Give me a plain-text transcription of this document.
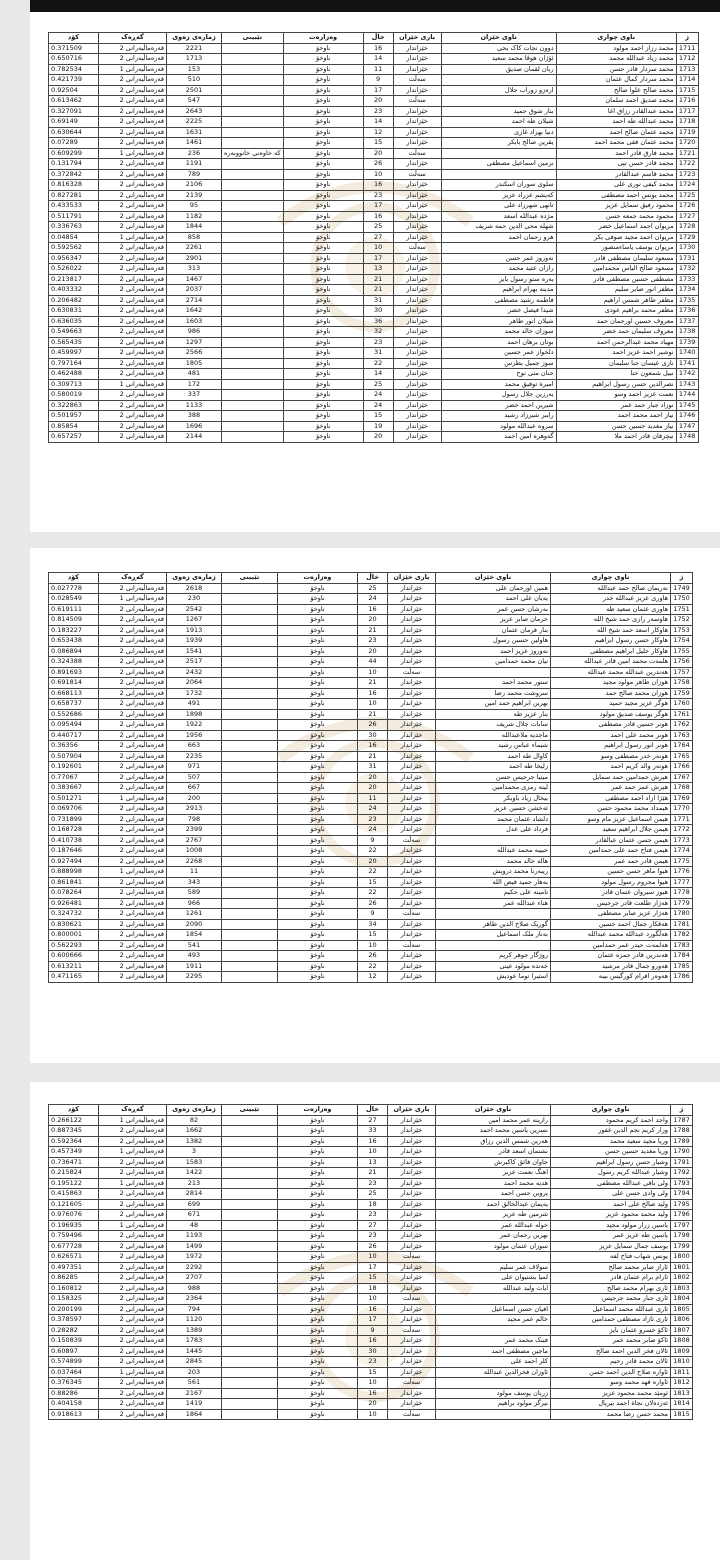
ژ	ناوی چواری	ناوی خێزان	باری خێزان	خاڵ	وەزارەت	تێبینی	ژمارەی زەوی	گەڕەک	کۆد
1711	محمد رزاز احمد مولود	دوون نجات کاک یحی	خێزاندار	16	ناوخۆ		2221	قەرەماڵیەرانی 2	0.371509
1712	محمد زیاد عبدالله محمد	ئۆژان هوڤا محمد سعید	خێزاندار	14	ناوخۆ		1713	قەرەماڵیەرانی 2	0.650716
1713	محمد سردار قادر حسن	ربان لقمان صدیق	خێزاندار	11	ناوخۆ		153	قەرەماڵیەرانی 1	0.782534
1714	محمد سردار کمال عثمان		سەڵت	9	ناوخۆ		510	قەرەماڵیەرانی 2	0.421739
1715	محمد صالح علوا صالح	ارەزو زوراب جلال	خێزاندار	17	ناوخۆ		2501	قەرەماڵیەرانی 2	0.92504
1716	محمد صدیق احمد سلمان		سەڵت	20	ناوخۆ		547	قەرەماڵیەرانی 2	0.613462
1717	محمد عبدالقادر رزاق اغا	بنار شوق حمید	خێزاندار	23	ناوخۆ		2643	قەرەماڵیەرانی 2	0.327091
1718	محمد عبدالله طه احمد	شیلان طه احمد	خێزاندار	14	ناوخۆ		2225	قەرەماڵیەرانی 2	0.69149
1719	محمد عثمان صالح احمد	دنیا بهزاد غازی	خێزاندار	12	ناوخۆ		1631	قەرەماڵیەرانی 2	0.630644
1720	محمد عثمان فقی محمد احمد	یقرین صالح بابکر	خێزاندار	15	ناوخۆ		1461	قەرەماڵیەرانی 2	0.07289
1721	محمد فارق قادر احمد		سەڵت	20	ناوخۆ	کە خاوەنی خانووبەرە	236	قەرەماڵیەرانی 1	0.609299
1722	محمد قادر حسن تپی	نرمین اسماعیل مصطفی	خێزاندار	26	ناوخۆ		1191	قەرەماڵیەرانی 2	0.131794
1723	محمد قاسم عبدالقادر		سەڵت	10	ناوخۆ		789	قەرەماڵیەرانی 2	0.372842
1724	محمد کیفی نوری علی	سلوی سوران اسکندر	خێزاندار	16	ناوخۆ		2106	قەرەماڵیەرانی 2	0.816328
1725	محمد یونس احمد مصطفی	کەیشم عزراد عزیز	خێزاندار	23	ناوخۆ		2139	قەرەماڵیەرانی 2	0.827281
1726	محمود رفیق سمایل عزیز	تانهی شهرزاد علی	خێزاندار	17	ناوخۆ		95	قەرەماڵیەرانی 2	0.433533
1727	محمود محمد جمعه حسن	مژده عبدالله اسعد	خێزاندار	16	ناوخۆ		1182	قەرەماڵیەرانی 2	0.511791
1728	مریوان احمد اسماعیل خضر	شهله محی الدین حمه شریف	خێزاندار	25	ناوخۆ		1844	قەرەماڵیەرانی 2	0.336763
1729	مریوان احمد مجید صوفی بکر	هرو رحمان احمد	خێزاندار	27	ناوخۆ		858	قەرەماڵیەرانی 1	0.04854
1730	مریوان یوسف یاساءمنصور		سەڵت	10	ناوخۆ		2261	قەرەماڵیەرانی 2	0.592562
1731	مسعود سلیمان مصطفی قادر	نەوروز عمر حسن	خێزاندار	17	ناوخۆ		2901	قەرەماڵیەرانی 2	0.956347
1732	مسعود صالح الیاس محمدامین	رازان عثید محمد	خێزاندار	13	ناوخۆ		313	قەرەماڵیەرانی 2	0.526022
1733	مصطفی حسین مصطفی قادر	یەرە ستو رسول بایز	خێزاندار	21	ناوخۆ		1467	قەرەماڵیەرانی 2	0.213817
1734	مظفر انور صابر سلیم	مدینه بهرام ابراهیم	خێزاندار	21	ناوخۆ		2037	قەرەماڵیەرانی 2	0.403332
1735	مظفر طاهر شمس اراهیم	فاطمه رشید مصطفی	خێزاندار	31	ناوخۆ		2714	قەرەماڵیەرانی 2	0.206482
1736	مظفر محمد براهیم عودی	شیدا فیصل خضر	خێزاندار	30	ناوخۆ		1642	قەرەماڵیەرانی 2	0.630831
1737	معروف حسین اورحمان حمد	شیلان انور طاهر	خێزاندار	36	ناوخۆ		1603	قەرەماڵیەرانی 2	0.636035
1738	معروف سلیمان حمد خضر	سوزان خالد محمد	خێزاندار	32	ناوخۆ		986	قەرەماڵیەرانی 2	0.549663
1739	مهیاد محمد عبدالرحمن احمد	بوتان برهان احمد	خێزاندار	23	ناوخۆ		1297	قەرەماڵیەرانی 2	0.565435
1740	نوشیر احمد عزیز احمد	دلخواز عمر حسین	خێزاندار	31	ناوخۆ		2566	قەرەماڵیەرانی 2	0.459997
1741	نازی عیسان حنا سلیمان	سوز جمیل بطرس	خێزاندار	22	ناوخۆ		1805	قەرەماڵیەرانی 2	0.797164
1742	نبیل شمعون حنا	حنان متی نوح	خێزاندار	14	ناوخۆ		481	قەرەماڵیەرانی 2	0.462488
1743	نصرالدین حسن رسول ابراهیم	امیرة توفیق محمد	خێزاندار	25	ناوخۆ		172	قەرەماڵیەرانی 1	0.309713
1744	نعمت عزیز احمد وسو	یەرزین جلال رسول	خێزاندار	24	ناوخۆ		337	قەرەماڵیەرانی 2	0.580019
1745	نوزاد جبار حمد عمر	شیرین احمد خضر	خێزاندار	24	ناوخۆ		1133	قەرەماڵیەرانی 2	0.322863
1746	نیاز احمد محمد احمد	رایبر شیرزاد رشید	خێزاندار	15	ناوخۆ		388	قەرەماڵیەرانی 2	0.501957
1747	نیاز مغدید حسین حسن	سروه عبدالله مولود	خێزاندار	19	ناوخۆ		1696	قەرەماڵیەرانی 2	0.85854
1748	نیچرقان قادر احمد ملا	گەوهرە امین احمد	خێزاندار	20	ناوخۆ		2144	قەرەماڵیەرانی 2	0.657257
ژ	ناوی چواری	ناوی خێزان	باری خێزان	خاڵ	وەزارەت	تێبینی	ژمارەی زەوی	گەڕەک	کۆد
1749	نەریمان صالح حمد عبدالله	همین اورحمان علی	خێزاندار	25	ناوخۆ		2618	قەرەماڵیەرانی 2	0.027778
1750	هاوری عزیز عبدالله خدر	یەیان علی احمد	خێزاندار	24	ناوخۆ		230	قەرەماڵیەرانی 1	0.028549
1751	هاوری عثمان سعید طه	بەرشان حسن عمر	خێزاندار	16	ناوخۆ		2542	قەرەماڵیەرانی 2	0.619111
1752	هاوسەر رازی حمد شیخ الله	خرمان صابر عزیز	خێزاندار	20	ناوخۆ		1267	قەرەماڵیەرانی 2	0.814509
1753	هاوکار اسعد حمد شیخ الله	بنار فرمان عثمان	خێزاندار	21	ناوخۆ		1913	قەرەماڵیەرانی 2	0.183227
1754	هاوکار حسن رسول ابراهیم	هاولین حسین رسول	خێزاندار	23	ناوخۆ		1939	قەرەماڵیەرانی 2	0.653438
1755	هاوکار خلیل ابراهیم مصطفی	نەوروز عزیز احمد	خێزاندار	20	ناوخۆ		1541	قەرەماڵیەرانی 2	0.086894
1756	هلمەت محمد امین قادر عبدالله	نیان محمد حمدامین	خێزاندار	44	ناوخۆ		2517	قەرەماڵیەرانی 2	0.324388
1757	هەندرین عبدالله محمد عبدالله		سەڵت	10	ناوخۆ		2432	قەرەماڵیەرانی 2	0.891693
1758	هوزان طاهر مولود مجید	ستور محمد احمد	خێزاندار	21	ناوخۆ		2064	قەرەماڵیەرانی 2	0.691814
1759	هوزان محمد صالح حمد	سروشت محمد رضا	خێزاندار	16	ناوخۆ		1732	قەرەماڵیەرانی 2	0.668113
1760	هوگر عزیز مجید حمید	بهرین ابراهیم حمد امین	خێزاندار	10	ناوخۆ		491	قەرەماڵیەرانی 2	0.658737
1761	هوگر یوسف صدیق مولود	بنار عزیز طه	خێزاندار	21	ناوخۆ		1898	قەرەماڵیەرانی 2	0.552686
1762	هونر حسین قادر مصطفی	سابات جلال شریف	خێزاندار	26	ناوخۆ		1922	قەرەماڵیەرانی 2	0.095494
1763	هونر محمد علی احمد	ماجدیە ملاعبدالله	خێزاندار	30	ناوخۆ		1956	قەرەماڵیەرانی 2	0.440717
1764	هونر انور رسول ابراهیم	شیماء عباس رشید	خێزاندار	16	ناوخۆ		663	قەرەماڵیەرانی 2	0.36356
1765	هونەر خدر مصطفی وسو	کاوال طه احمد	خێزاندار	21	ناوخۆ		2235	قەرەماڵیەرانی 2	0.507904
1766	هونەر والد کریم احمد	زلیخا طه احمد	خێزاندار	31	ناوخۆ		971	قەرەماڵیەرانی 2	0.192601
1767	هیرش حمدامین حمد سمایل	مینیا جرجیس حسن	خێزاندار	20	ناوخۆ		507	قەرەماڵیەرانی 2	0.77067
1768	هیرش عمر حمد عمر	لینه رمزی محمدامین	خێزاندار	20	ناوخۆ		667	قەرەماڵیەرانی 2	0.383667
1769	هێژا ازاد احمد مصطفی	بیخال زیاد باویکر	خێزاندار	11	ناوخۆ		200	قەرەماڵیەرانی 1	0.501271
1770	هیمداد محمد محمود حسن	ئەخشن حسین عزیز	خێزاندار	24	ناوخۆ		2913	قەرەماڵیەرانی 2	0.069706
1771	هیمن اسماعیل عزیز مام وسو	دلشاد عثمان محمد	خێزاندار	23	ناوخۆ		798	قەرەماڵیەرانی 2	0.731899
1772	هیمن جلال ابراهیم سعید	فرداد علی عدل	خێزاندار	24	ناوخۆ		2399	قەرەماڵیەرانی 2	0.168728
1773	هیمن حسن عثمان عبالقادر		سەڵت	9	ناوخۆ		2767	قەرەماڵیەرانی 2	0.410738
1774	هیمن فتاح حمد علی حمدامین	حبیبه محمد عبدالله	خێزاندار	22	ناوخۆ		1008	قەرەماڵیەرانی 2	0.187646
1775	هیمن قادر حمد عمر	هاله خالد محمد	خێزاندار	20	ناوخۆ		2268	قەرەماڵیەرانی 2	0.927494
1776	هیوا ماهر حسن حسین	ریبەرنا محمد درویش	خێزاندار	22	ناوخۆ		11	قەرەماڵیەرانی 1	0.888998
1777	هیوا محروم رسول مولود	بەهار حمید فیض الله	خێزاندار	15	ناوخۆ		343	قەرەماڵیەرانی 2	0.861841
1778	هیوز سیروان عثمان قادر	تامینه علی حکیم	خێزاندار	22	ناوخۆ		589	قەرەماڵیەرانی 2	0.078264
1779	هەژار طلعت قادر جرجیس	هناء عبدالله عمر	خێزاندار	26	ناوخۆ		966	قەرەماڵیەرانی 2	0.926481
1780	هەژار عزیز صابر مصطفی		سەڵت	9	ناوخۆ		1261	قەرەماڵیەرانی 2	0.324732
1781	هەڤکار جمال احمد حسین	گوریک صلاح الدین طاهر	خێزاندار	34	ناوخۆ		2090	قەرەماڵیەرانی 2	0.830621
1782	هەڵگورد عبدالله محمد عبدالله	بەناز ملک اسماعیل	خێزاندار	15	ناوخۆ		1854	قەرەماڵیەرانی 2	0.800001
1783	هەلمەت حیدر عمر حمدامین		سەڵت	10	ناوخۆ		541	قەرەماڵیەرانی 2	0.562293
1784	هەندرین قادر حمزه عثمان	روژگار جوهر کریم	خێزاندار	26	ناوخۆ		493	قەرەماڵیەرانی 2	0.600666
1785	هەورو جمال قادر مرشید	خەندە مولود عینی	خێزاندار	22	ناوخۆ		1911	قەرەماڵیەرانی 2	0.613211
1786	هەوەر افرام کورگیس بیبه	استیرا توما عودیش	خێزاندار	12	ناوخۆ		2295	قەرەماڵیەرانی 2	0.471165
ژ	ناوی چواری	ناوی خێزان	باری خێزان	خاڵ	وەزارەت	تێبینی	ژمارەی زەوی	گەڕەک	کۆد
1787	واجد احمد کریم محمود	رازینە عمر محمد امین	خێزاندار	27	ناوخۆ		82	قەرەماڵیەرانی 1	0.266122
1788	وزار کریم نجم الدین غفور	نسرین یاسین محمد احمد	خێزاندار	33	ناوخۆ		1662	قەرەماڵیەرانی 2	0.887345
1789	وریا مجید سعید محمد	هەرین شمس الدین رزاق	خێزاندار	16	ناوخۆ		1382	قەرەماڵیەرانی 2	0.592364
1790	وریا مغدید حسین حسن	نشتمان اسعد قادر	خێزاندار	10	ناوخۆ		3	قەرەماڵیەرانی 1	0.457349
1791	وشیار حسن رسول ابراهیم	جاوان فائق کاکبرش	خێزاندار	13	ناوخۆ		1583	قەرەماڵیەرانی 2	0.736471
1792	وشیار عبدالله کریم رسول	اهنگ نعمت عزیز	خێزاندار	21	ناوخۆ		1422	قەرەماڵیەرانی 2	0.215824
1793	ولی باقی عبدالله مصطفی	هدیه محمد احمد	خێزاندار	23	ناوخۆ		213	قەرەماڵیەرانی 1	0.195122
1794	ولی وادی حسن علی	پروین حسن احمد	خێزاندار	25	ناوخۆ		2814	قەرەماڵیەرانی 2	0.415863
1795	ولید صالح علی احمد	یەیمان عبدالخالق احمد	خێزاندار	18	ناوخۆ		699	قەرەماڵیەرانی 2	0.121605
1796	ولید محمد محمود عزیز	شرمین طه عزیز	خێزاندار	23	ناوخۆ		671	قەرەماڵیەرانی 2	0.976076
1797	یاسین زرار مولود مجید	خوله عبدالله عمر	خێزاندار	27	ناوخۆ		48	قەرەماڵیەرانی 1	0.196935
1798	یاسین طه عزیز عمر	بهرین رحمان عمر	خێزاندار	23	ناوخۆ		1193	قەرەماڵیەرانی 2	0.759496
1799	یوسف جمال سمایل عزیز	سوزان عثمان مولود	خێزاندار	26	ناوخۆ		1499	قەرەماڵیەرانی 2	0.677728
1800	یونس شهاب فتاح لفه		سەڵت	10	ناوخۆ		1972	قەرەماڵیەرانی 2	0.626571
1801	ئاراز صابر محمد صالح	سولاف عمر سلیم	خێزاندار	17	ناوخۆ		2292	قەرەماڵیەرانی 2	0.497351
1802	ئارام برام عثمان قادر	لمیا بشتیوان علی	خێزاندار	15	ناوخۆ		2707	قەرەماڵیەرانی 2	0.86285
1803	ئاری بهرام محمد صالح	ایات ولید عبدالله	خێزاندار	18	ناوخۆ		988	قەرەماڵیەرانی 2	0.160812
1804	ئاری جبار محمد جرجیس		سەڵت	10	ناوخۆ		2364	قەرەماڵیەرانی 2	0.158325
1805	ئاری عبدالله محمد اسماعیل	افیان حسن اسماعیل	خێزاندار	16	ناوخۆ		794	قەرەماڵیەرانی 2	0.200199
1806	ئاری ئازاد مصطفی حمدامین	خالم عمر مجید	خێزاندار	17	ناوخۆ		1120	قەرەماڵیەرانی 2	0.378597
1807	ئاکۆ خسرو عثمان بایز		سەڵت	9	ناوخۆ		1389	قەرەماڵیەرانی 2	0.28282
1808	ئاکۆ صابر محمد عمر	فینک محمد عمر	خێزاندار	16	ناوخۆ		1783	قەرەماڵیەرانی 2	0.150839
1809	ئالان فخر الدین احمد صالح	ماجین مصطفی احمد	خێزاندار	30	ناوخۆ		1445	قەرەماڵیەرانی 2	0.60897
1810	ئالان محمد قادر رحیم	کلر احمد علی	خێزاندار	23	ناوخۆ		2845	قەرەماڵیەرانی 2	0.574899
1811	ئاوارە صلاح الدین احمد حسن	ئاوزان فخرالدین عبدالله	خێزاندار	15	ناوخۆ		203	قەرەماڵیەرانی 1	0.037464
1812	ئاوارە فهد محمد وسو		سەڵت	10	ناوخۆ		561	قەرەماڵیەرانی 2	0.376345
1813	ئومێد محمد محمود عزیز	زریان یوسف مولود	خێزاندار	16	ناوخۆ		2167	قەرەماڵیەرانی 2	0.88286
1814	ئەردەلان نجاة احمد بیریال	نیرگز مولود براهیم	خێزاندار	20	ناوخۆ		1419	قەرەماڵیەرانی 2	0.404158
1815	محمد حسن رضا محمد		سەڵت	10	ناوخۆ		1864	قەرەماڵیەرانی 2	0.918613
